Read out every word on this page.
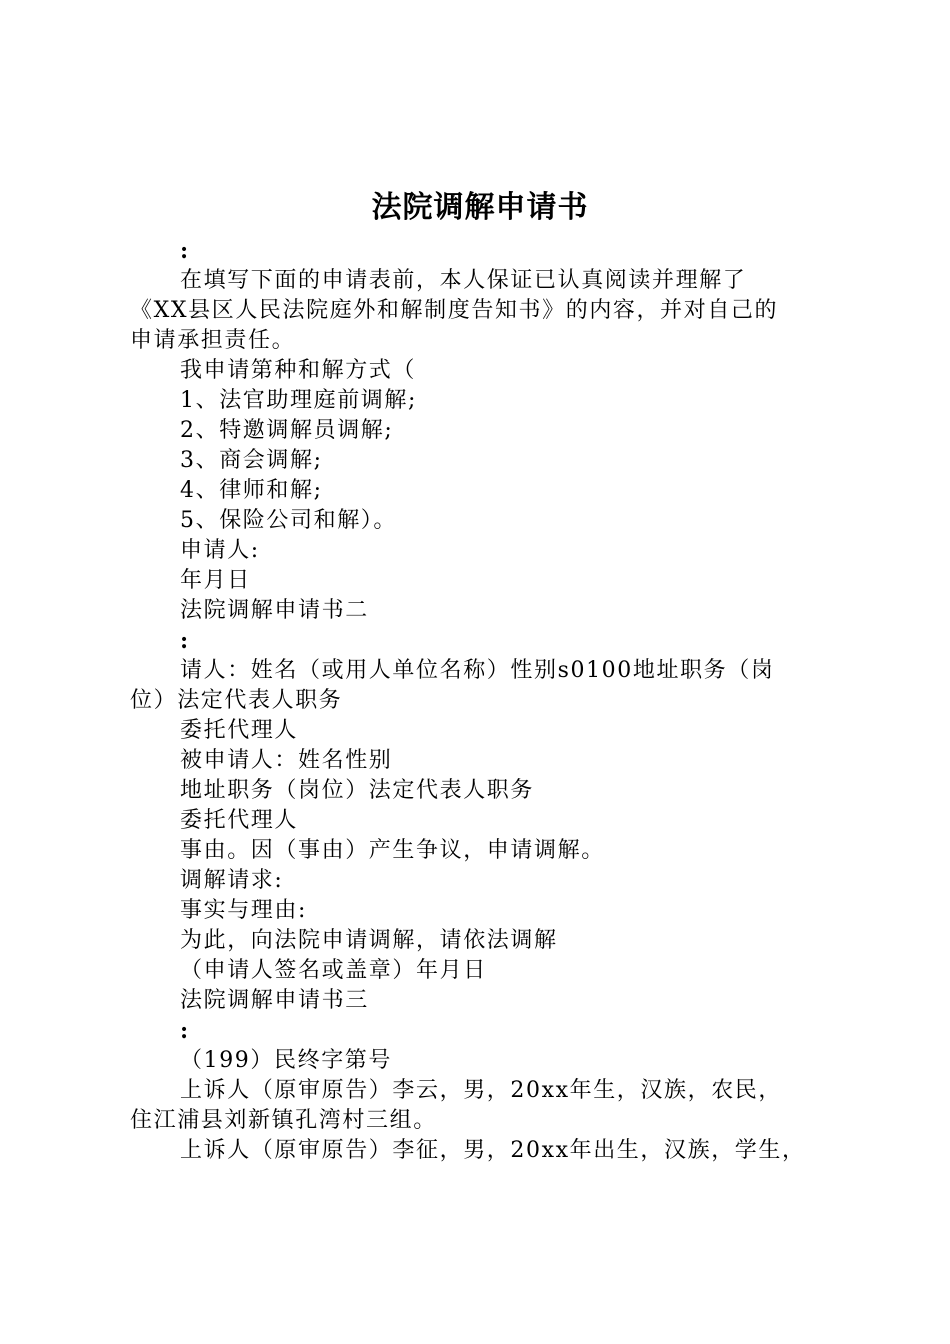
法院调解申请书

:

在填写下面的申请表前，本人保证已认真阅读并理解了

《XX县区人民法院庭外和解制度告知书》的内容，并对自己的

申请承担责任。

我申请第种和解方式（

1、法官助理庭前调解;

2、特邀调解员调解;

3、商会调解;

4、律师和解;

5、保险公司和解）。

申请人:

年月日

法院调解申请书二

:

请人：姓名（或用人单位名称）性别s0100地址职务（岗

位）法定代表人职务

委托代理人

被申请人：姓名性别

地址职务（岗位）法定代表人职务

委托代理人

事由。因（事由）产生争议，申请调解。

调解请求:

事实与理由:

为此，向法院申请调解，请依法调解

（申请人签名或盖章）年月日

法院调解申请书三

:

（199）民终字第号

上诉人（原审原告）李云，男，20xx年生，汉族，农民，

住江浦县刘新镇孔湾村三组。

上诉人（原审原告）李征，男，20xx年出生，汉族，学生，
